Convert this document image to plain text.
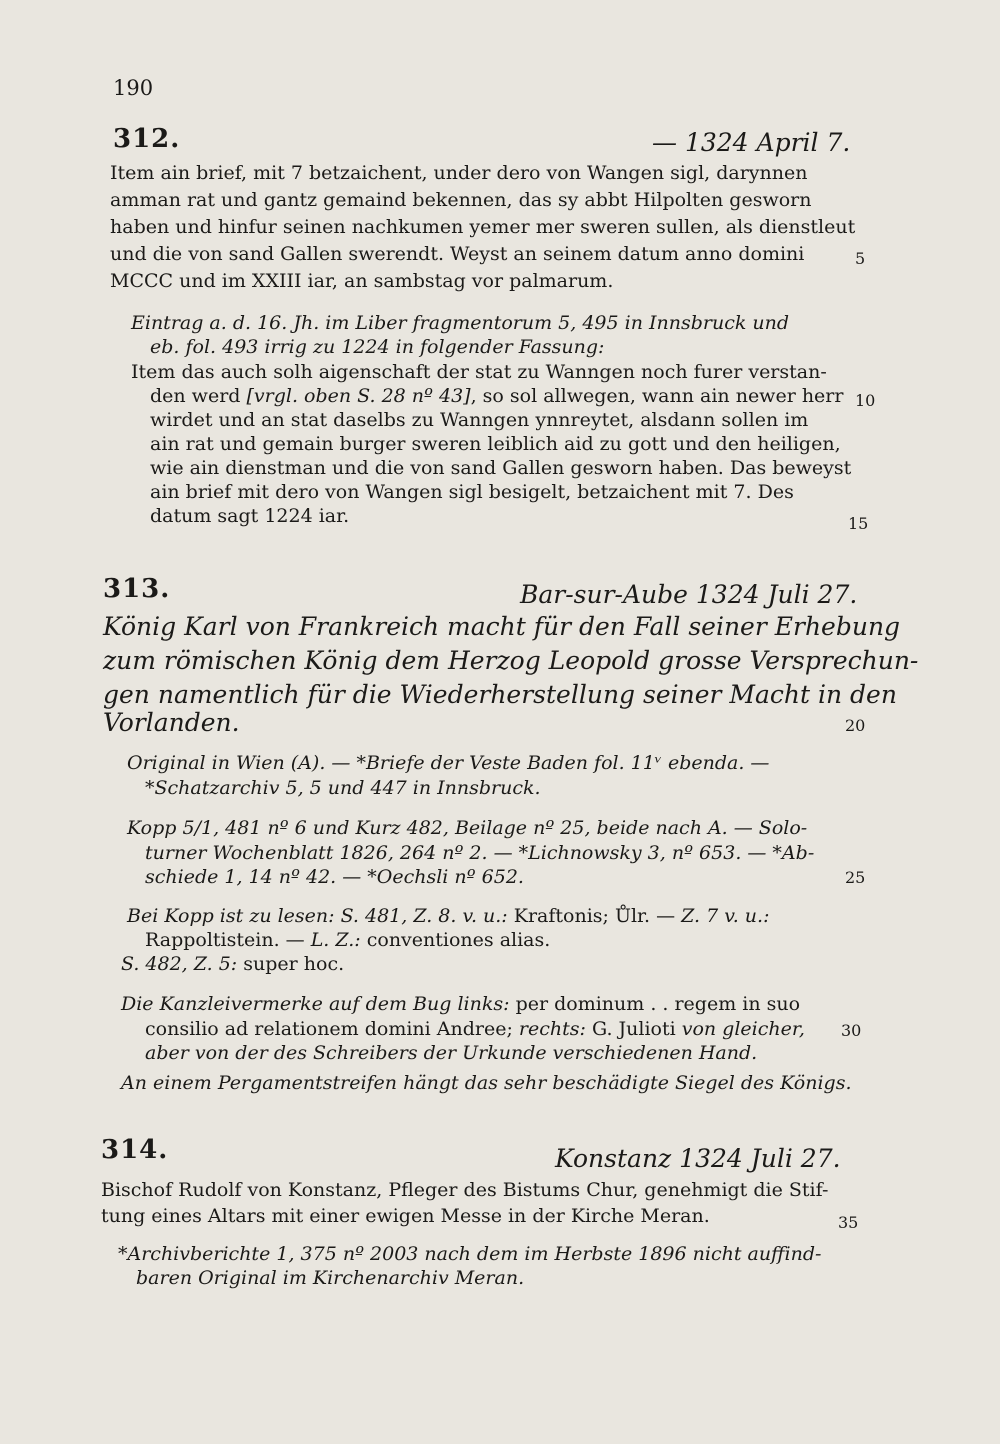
190
312.	— 1324 April 7.
Item ain brief, mit 7 betzaichent, under dero von Wangen sigl, darynnen
amman rat und gantz gemaind bekennen, das sy abbt Hilpolten gesworn
haben und hinfur seinen nachkumen yemer mer sweren sullen, als dienstleut
und die von sand Gallen swerendt. Weyst an seinem datum anno domini
MCCC und im XXIII iar, an sambstag vor palmarum.
Eintrag a. d. 16. Jh. im Liber fragmentorum 5, 495 in Innsbruck und
eb. fol. 493 irrig zu 1224 in folgender Fassung:
Item das auch solh aigenschaft der stat zu Wanngen noch furer verstan-
den werd [vrgl. oben S. 28 nº 43], so sol allwegen, wann ain newer herr
wirdet und an stat daselbs zu Wanngen ynnreytet, alsdann sollen im
ain rat und gemain burger sweren leiblich aid zu gott und den heiligen,
wie ain dienstman und die von sand Gallen gesworn haben. Das beweyst
ain brief mit dero von Wangen sigl besigelt, betzaichent mit 7. Des
datum sagt 1224 iar.
313.	Bar-sur-Aube 1324 Juli 27.
König Karl von Frankreich macht für den Fall seiner Erhebung
zum römischen König dem Herzog Leopold grosse Versprechun-
gen namentlich für die Wiederherstellung seiner Macht in den
Vorlanden.
Original in Wien (A). — *Briefe der Veste Baden fol. 11ᵛ ebenda. —
*Schatzarchiv 5, 5 und 447 in Innsbruck.
Kopp 5/1, 481 nº 6 und Kurz 482, Beilage nº 25, beide nach A. — Solo-
turner Wochenblatt 1826, 264 nº 2. — *Lichnowsky 3, nº 653. — *Ab-
schiede 1, 14 nº 42. — *Oechsli nº 652.
Bei Kopp ist zu lesen: S. 481, Z. 8. v. u.: Kraftonis; Ůlr. — Z. 7 v. u.:
Rappoltistein. — L. Z.: conventiones alias.
S. 482, Z. 5: super hoc.
Die Kanzleivermerke auf dem Bug links: per dominum . . regem in suo
consilio ad relationem domini Andree; rechts: G. Julioti von gleicher,
aber von der des Schreibers der Urkunde verschiedenen Hand.
An einem Pergamentstreifen hängt das sehr beschädigte Siegel des Königs.
314.	Konstanz 1324 Juli 27.
Bischof Rudolf von Konstanz, Pfleger des Bistums Chur, genehmigt die Stif-
tung eines Altars mit einer ewigen Messe in der Kirche Meran.
*Archivberichte 1, 375 nº 2003 nach dem im Herbste 1896 nicht auffind-
baren Original im Kirchenarchiv Meran.
5
10
15
20
25
30
35
